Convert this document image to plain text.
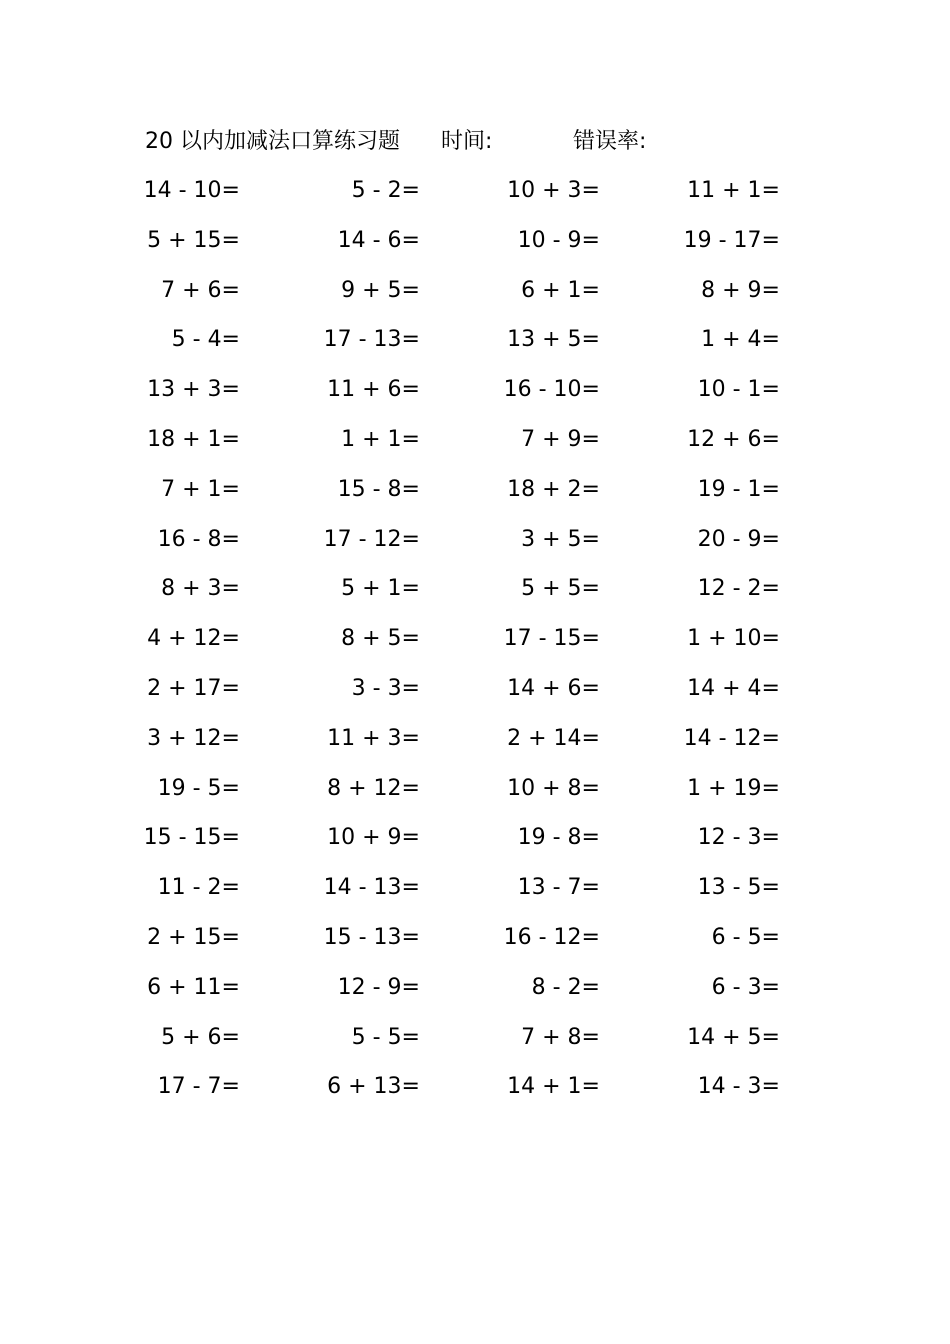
20 以内加减法口算练习题 时间:	错误率:
14 - 10=	5 - 2=	10 + 3=	11 + 1=
5 + 15=	14 - 6=	10 - 9=	19 - 17=
7 + 6=	9 + 5=	6 + 1=	8 + 9=
5 - 4=	17 - 13=	13 + 5=	1 + 4=
13 + 3=	11 + 6=	16 - 10=	10 - 1=
18 + 1=	1 + 1=	7 + 9=	12 + 6=
7 + 1=	15 - 8=	18 + 2=	19 - 1=
16 - 8=	17 - 12=	3 + 5=	20 - 9=
8 + 3=	5 + 1=	5 + 5=	12 - 2=
4 + 12=	8 + 5=	17 - 15=	1 + 10=
2 + 17=	3 - 3=	14 + 6=	14 + 4=
3 + 12=	11 + 3=	2 + 14=	14 - 12=
19 - 5=	8 + 12=	10 + 8=	1 + 19=
15 - 15=	10 + 9=	19 - 8=	12 - 3=
11 - 2=	14 - 13=	13 - 7=	13 - 5=
2 + 15=	15 - 13=	16 - 12=	6 - 5=
6 + 11=	12 - 9=	8 - 2=	6 - 3=
5 + 6=	5 - 5=	7 + 8=	14 + 5=
17 - 7=	6 + 13=	14 + 1=	14 - 3=
